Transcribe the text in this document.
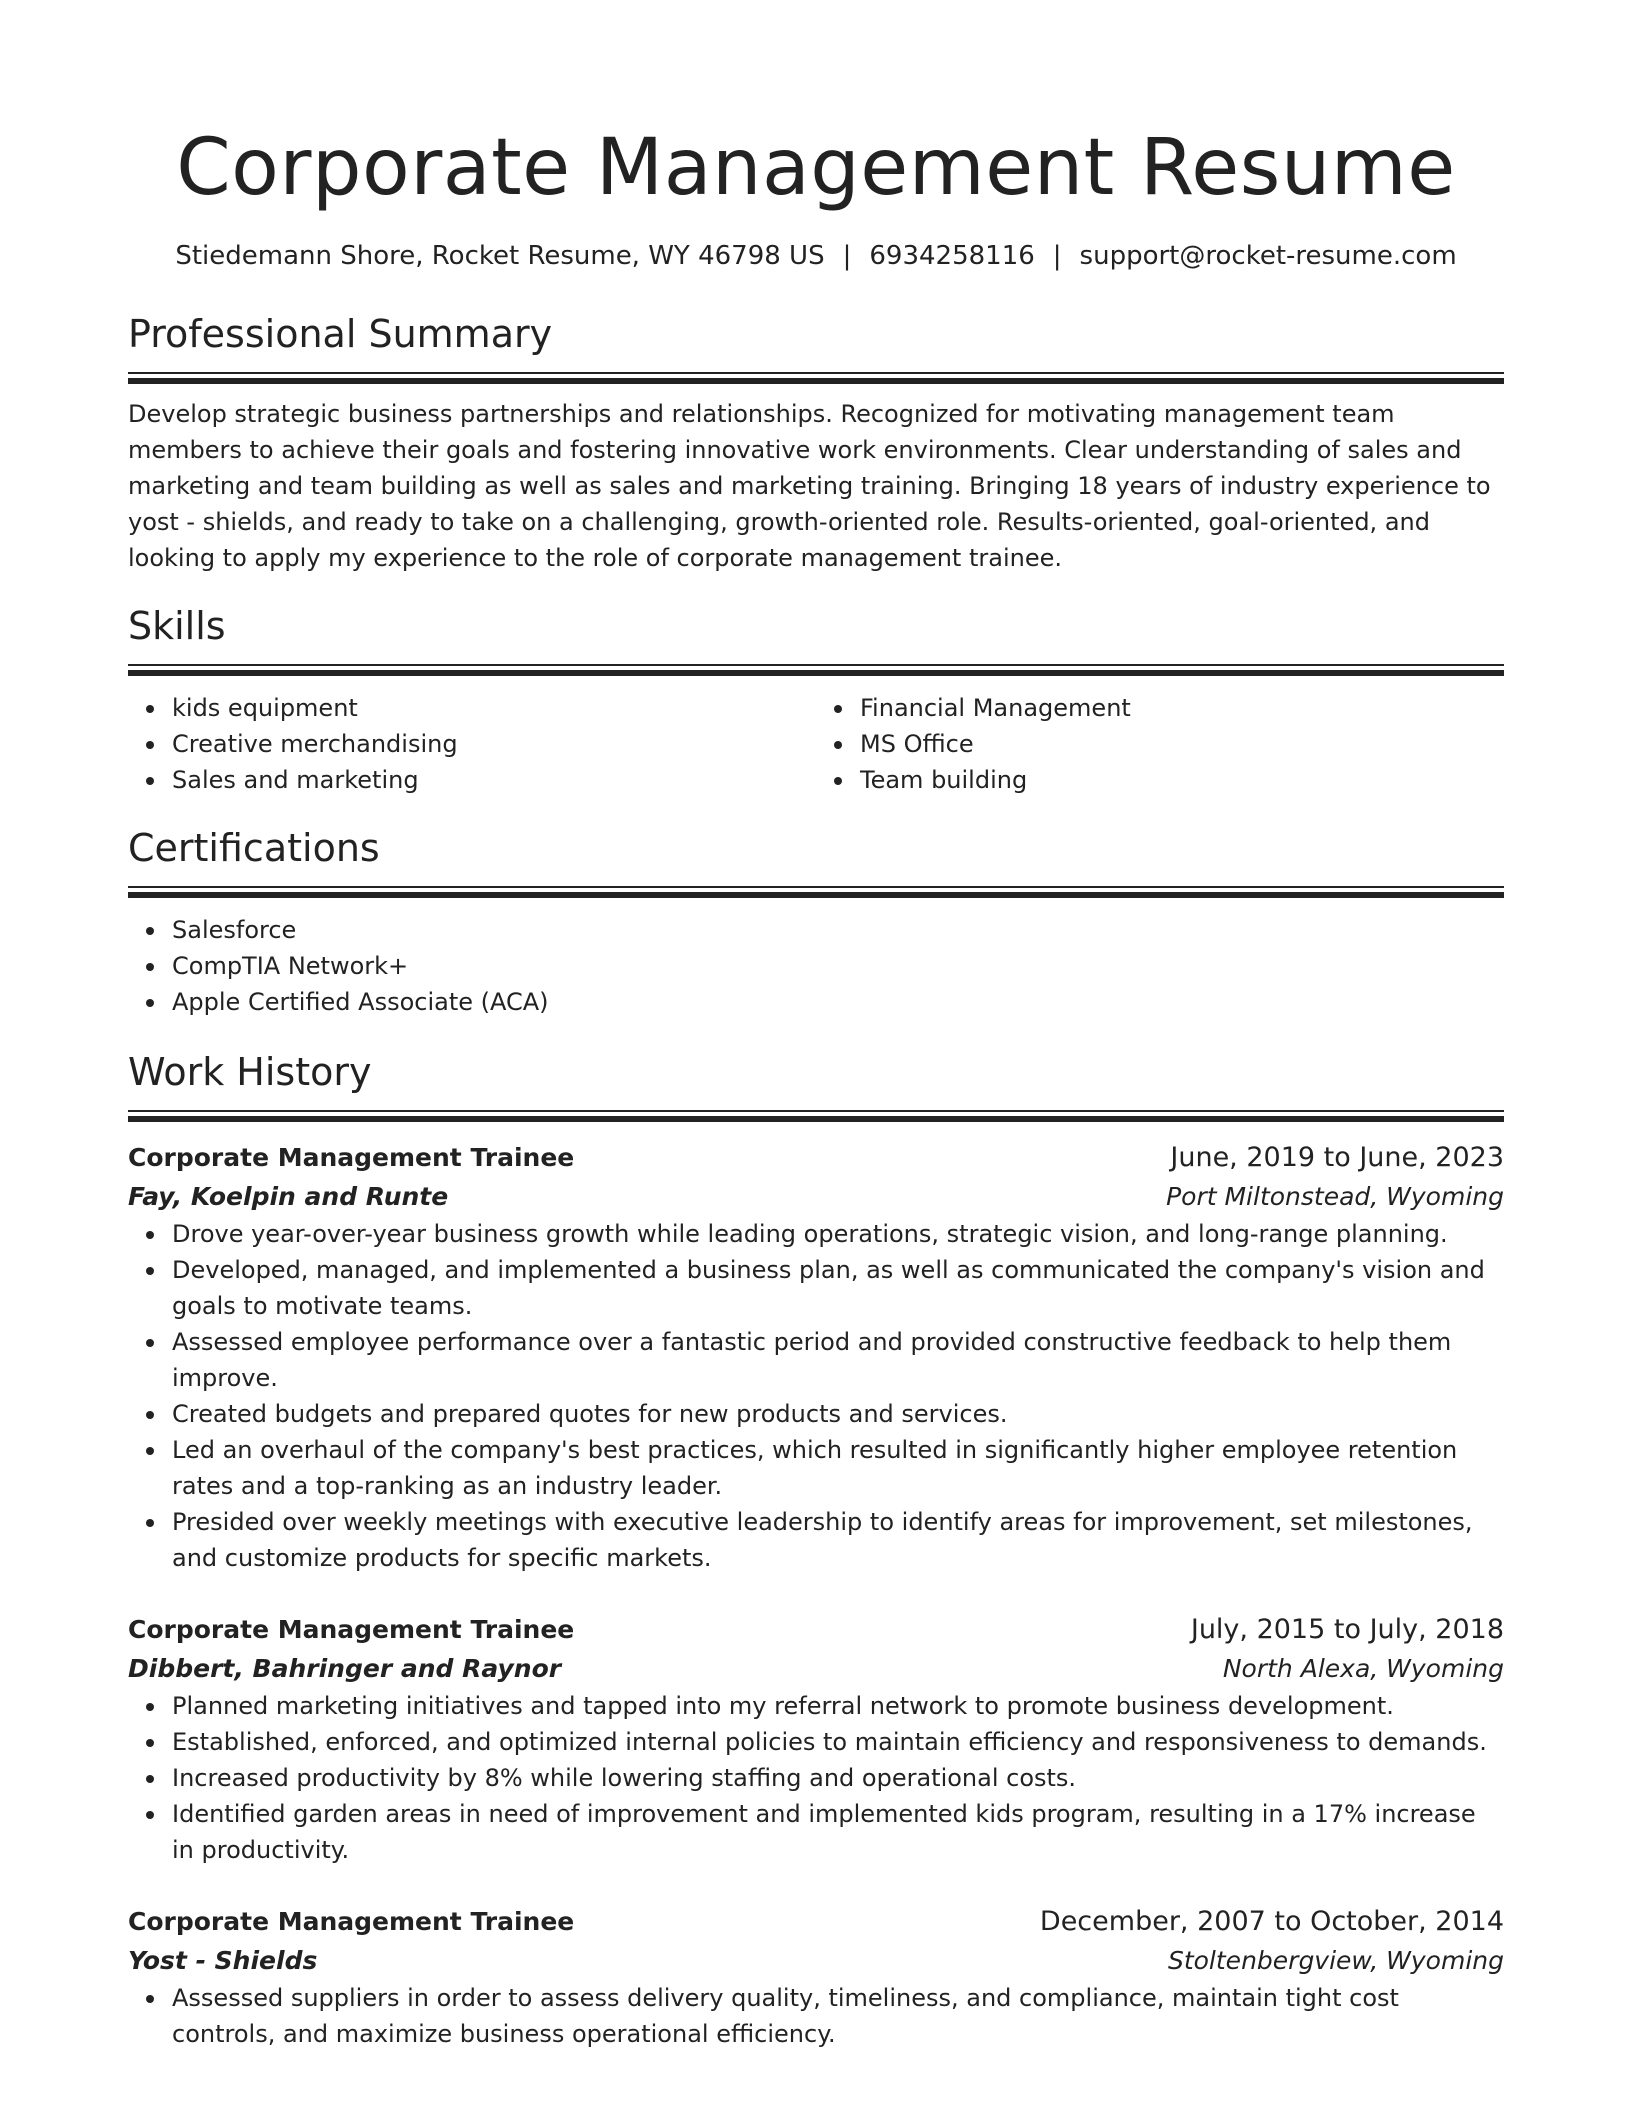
Corporate Management Resume
Stiedemann Shore, Rocket Resume, WY 46798 US | 6934258116 | support@rocket-resume.com
Professional Summary
Develop strategic business partnerships and relationships. Recognized for motivating management team members to achieve their goals and fostering innovative work environments. Clear understanding of sales and marketing and team building as well as sales and marketing training. Bringing 18 years of industry experience to yost - shields, and ready to take on a challenging, growth-oriented role. Results-oriented, goal-oriented, and looking to apply my experience to the role of corporate management trainee.
Skills
kids equipment
Creative merchandising
Sales and marketing
Financial Management
MS Office
Team building
Certifications
Salesforce
CompTIA Network+
Apple Certified Associate (ACA)
Work History
Corporate Management Trainee	June, 2019 to June, 2023
Fay, Koelpin and Runte	Port Miltonstead, Wyoming
Drove year-over-year business growth while leading operations, strategic vision, and long-range planning.
Developed, managed, and implemented a business plan, as well as communicated the company's vision and goals to motivate teams.
Assessed employee performance over a fantastic period and provided constructive feedback to help them improve.
Created budgets and prepared quotes for new products and services.
Led an overhaul of the company's best practices, which resulted in significantly higher employee retention rates and a top-ranking as an industry leader.
Presided over weekly meetings with executive leadership to identify areas for improvement, set milestones, and customize products for specific markets.
Corporate Management Trainee	July, 2015 to July, 2018
Dibbert, Bahringer and Raynor	North Alexa, Wyoming
Planned marketing initiatives and tapped into my referral network to promote business development.
Established, enforced, and optimized internal policies to maintain efficiency and responsiveness to demands.
Increased productivity by 8% while lowering staffing and operational costs.
Identified garden areas in need of improvement and implemented kids program, resulting in a 17% increase in productivity.
Corporate Management Trainee	December, 2007 to October, 2014
Yost - Shields	Stoltenbergview, Wyoming
Assessed suppliers in order to assess delivery quality, timeliness, and compliance, maintain tight cost controls, and maximize business operational efficiency.
